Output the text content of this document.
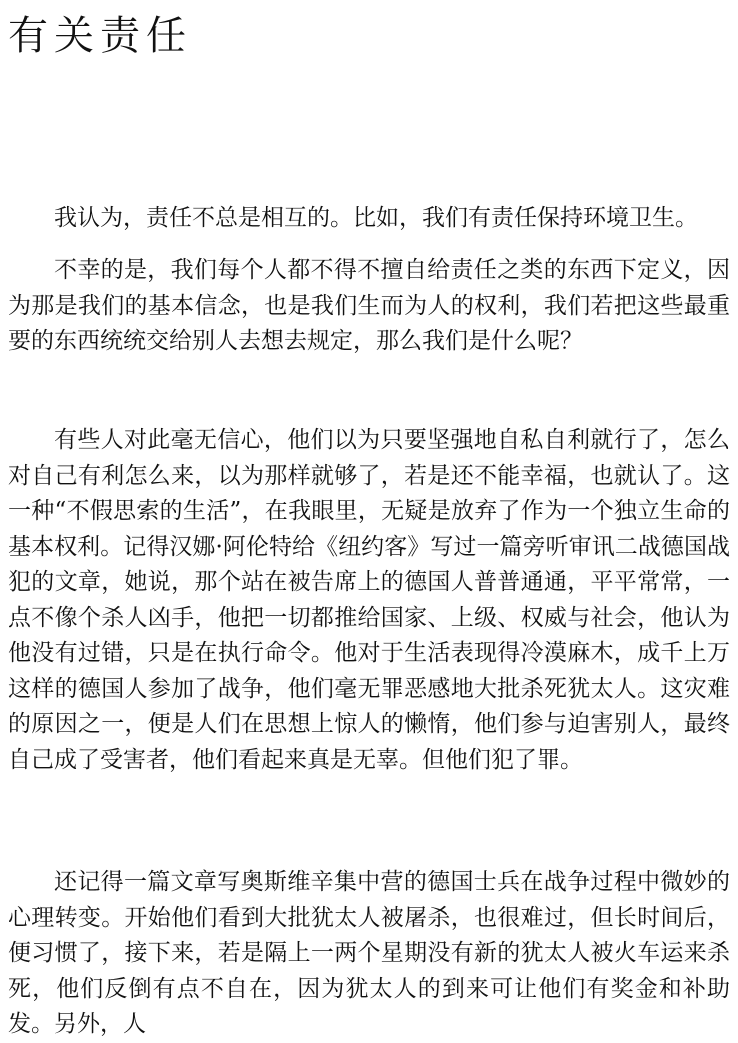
有关责任

我认为，责任不总是相互的。比如，我们有责任保持环境卫生。

不幸的是，我们每个人都不得不擅自给责任之类的东西下定义，因为那是我们的基本信念，也是我们生而为人的权利，我们若把这些最重要的东西统统交给别人去想去规定，那么我们是什么呢？

有些人对此毫无信心，他们以为只要坚强地自私自利就行了，怎么对自己有利怎么来，以为那样就够了，若是还不能幸福，也就认了。这一种“不假思索的生活”，在我眼里，无疑是放弃了作为一个独立生命的基本权利。记得汉娜·阿伦特给《纽约客》写过一篇旁听审讯二战德国战犯的文章，她说，那个站在被告席上的德国人普普通通，平平常常，一点不像个杀人凶手，他把一切都推给国家、上级、权威与社会，他认为他没有过错，只是在执行命令。他对于生活表现得冷漠麻木，成千上万这样的德国人参加了战争，他们毫无罪恶感地大批杀死犹太人。这灾难的原因之一，便是人们在思想上惊人的懒惰，他们参与迫害别人，最终自己成了受害者，他们看起来真是无辜。但他们犯了罪。

还记得一篇文章写奥斯维辛集中营的德国士兵在战争过程中微妙的心理转变。开始他们看到大批犹太人被屠杀，也很难过，但长时间后，便习惯了，接下来，若是隔上一两个星期没有新的犹太人被火车运来杀死，他们反倒有点不自在，因为犹太人的到来可让他们有奖金和补助发。另外，人
